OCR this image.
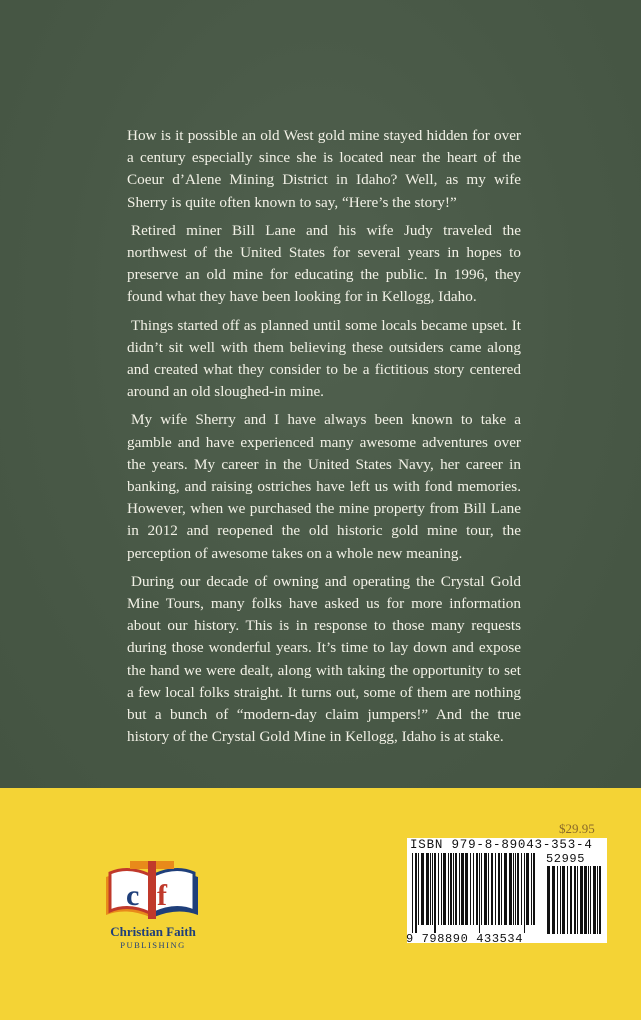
How is it possible an old West gold mine stayed hidden for over a century especially since she is located near the heart of the Coeur d’Alene Mining District in Idaho? Well, as my wife Sherry is quite often known to say, “Here’s the story!”

Retired miner Bill Lane and his wife Judy traveled the northwest of the United States for several years in hopes to preserve an old mine for educating the public. In 1996, they found what they have been looking for in Kellogg, Idaho.

Things started off as planned until some locals became upset. It didn’t sit well with them believing these outsiders came along and created what they consider to be a fictitious story centered around an old sloughed-in mine.

My wife Sherry and I have always been known to take a gamble and have experienced many awesome adventures over the years. My career in the United States Navy, her career in banking, and raising ostriches have left us with fond memories. However, when we purchased the mine property from Bill Lane in 2012 and reopened the old historic gold mine tour, the perception of awesome takes on a whole new meaning.

During our decade of owning and operating the Crystal Gold Mine Tours, many folks have asked us for more information about our history. This is in response to those many requests during those wonderful years. It’s time to lay down and expose the hand we were dealt, along with taking the opportunity to set a few local folks straight. It turns out, some of them are nothing but a bunch of “modern-day claim jumpers!” And the true history of the Crystal Gold Mine in Kellogg, Idaho is at stake.

c f
Christian Faith
PUBLISHING
$29.95
ISBN 979-8-89043-353-4
9 798890 433534
52995
